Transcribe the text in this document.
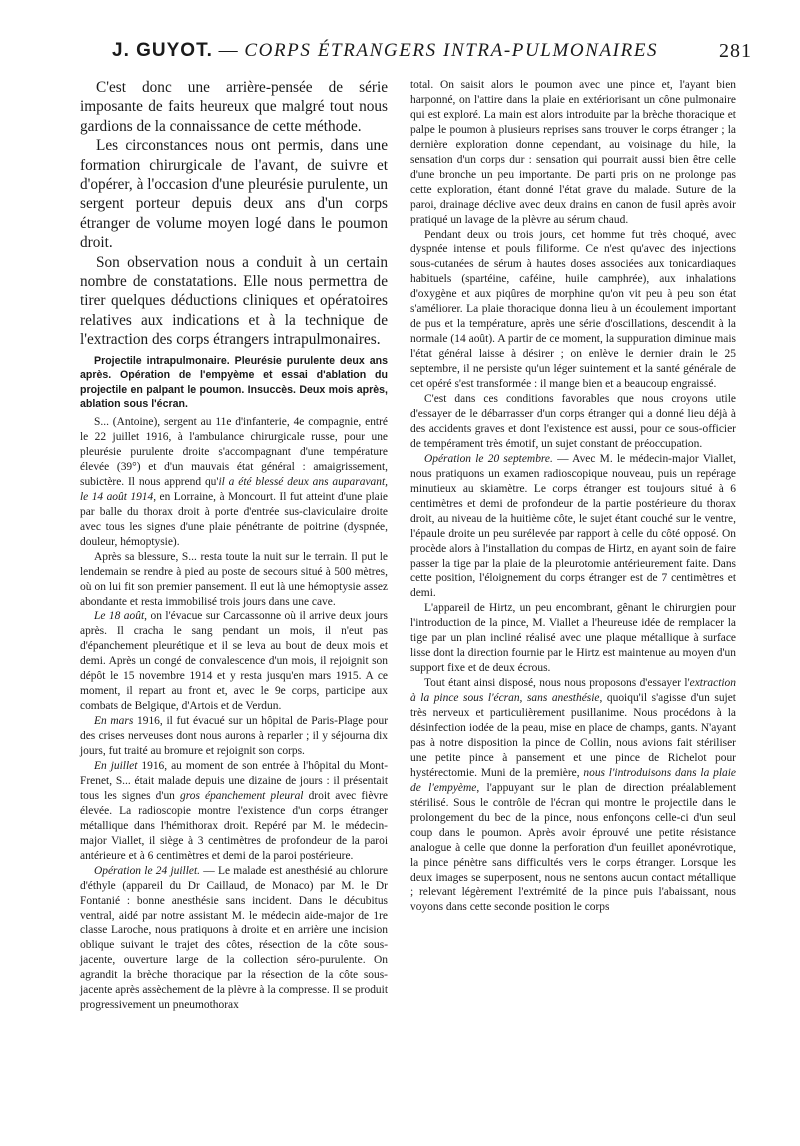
J. GUYOT. — CORPS ÉTRANGERS INTRA-PULMONAIRES	281

C'est donc une arrière-pensée de série imposante de faits heureux que malgré tout nous gardions de la connaissance de cette méthode.

Les circonstances nous ont permis, dans une formation chirurgicale de l'avant, de suivre et d'opérer, à l'occasion d'une pleurésie purulente, un sergent porteur depuis deux ans d'un corps étranger de volume moyen logé dans le poumon droit.

Son observation nous a conduit à un certain nombre de constatations. Elle nous permettra de tirer quelques déductions cliniques et opératoires relatives aux indications et à la technique de l'extraction des corps étrangers intrapulmonaires.

Projectile intrapulmonaire. Pleurésie purulente deux ans après. Opération de l'empyème et essai d'ablation du projectile en palpant le poumon. Insuccès. Deux mois après, ablation sous l'écran.

S... (Antoine), sergent au 11e d'infanterie, 4e compagnie, entré le 22 juillet 1916, à l'ambulance chirurgicale russe, pour une pleurésie purulente droite s'accompagnant d'une température élevée (39°) et d'un mauvais état général : amaigrissement, subictère. Il nous apprend qu'il a été blessé deux ans auparavant, le 14 août 1914, en Lorraine, à Moncourt. Il fut atteint d'une plaie par balle du thorax droit à porte d'entrée sus-claviculaire droite avec tous les signes d'une plaie pénétrante de poitrine (dyspnée, douleur, hémoptysie).

Après sa blessure, S... resta toute la nuit sur le terrain. Il put le lendemain se rendre à pied au poste de secours situé à 500 mètres, où on lui fit son premier pansement. Il eut là une hémoptysie assez abondante et resta immobilisé trois jours dans une cave.

Le 18 août, on l'évacue sur Carcassonne où il arrive deux jours après. Il cracha le sang pendant un mois, il n'eut pas d'épanchement pleurétique et il se leva au bout de deux mois et demi. Après un congé de convalescence d'un mois, il rejoignit son dépôt le 15 novembre 1914 et y resta jusqu'en mars 1915. A ce moment, il repart au front et, avec le 9e corps, participe aux combats de Belgique, d'Artois et de Verdun.

En mars 1916, il fut évacué sur un hôpital de Paris-Plage pour des crises nerveuses dont nous aurons à reparler ; il y séjourna dix jours, fut traité au bromure et rejoignit son corps.

En juillet 1916, au moment de son entrée à l'hôpital du Mont-Frenet, S... était malade depuis une dizaine de jours : il présentait tous les signes d'un gros épanchement pleural droit avec fièvre élevée. La radioscopie montre l'existence d'un corps étranger métallique dans l'hémithorax droit. Repéré par M. le médecin-major Viallet, il siège à 3 centimètres de profondeur de la paroi antérieure et à 6 centimètres et demi de la paroi postérieure.

Opération le 24 juillet. — Le malade est anesthésié au chlorure d'éthyle (appareil du Dr Caillaud, de Monaco) par M. le Dr Fontanié : bonne anesthésie sans incident. Dans le décubitus ventral, aidé par notre assistant M. le médecin aide-major de 1re classe Laroche, nous pratiquons à droite et en arrière une incision oblique suivant le trajet des côtes, résection de la côte sous-jacente, ouverture large de la collection séro-purulente. On agrandit la brèche thoracique par la résection de la côte sous-jacente après assèchement de la plèvre à la compresse. Il se produit progressivement un pneumothorax

total. On saisit alors le poumon avec une pince et, l'ayant bien harponné, on l'attire dans la plaie en extériorisant un cône pulmonaire qui est exploré. La main est alors introduite par la brèche thoracique et palpe le poumon à plusieurs reprises sans trouver le corps étranger ; la dernière exploration donne cependant, au voisinage du hile, la sensation d'un corps dur : sensation qui pourrait aussi bien être celle d'une bronche un peu importante. De parti pris on ne prolonge pas cette exploration, étant donné l'état grave du malade. Suture de la paroi, drainage déclive avec deux drains en canon de fusil après avoir pratiqué un lavage de la plèvre au sérum chaud.

Pendant deux ou trois jours, cet homme fut très choqué, avec dyspnée intense et pouls filiforme. Ce n'est qu'avec des injections sous-cutanées de sérum à hautes doses associées aux tonicardiaques habituels (spartéine, caféine, huile camphrée), aux inhalations d'oxygène et aux piqûres de morphine qu'on vit peu à peu son état s'améliorer. La plaie thoracique donna lieu à un écoulement important de pus et la température, après une série d'oscillations, descendit à la normale (14 août). A partir de ce moment, la suppuration diminue mais l'état général laisse à désirer ; on enlève le dernier drain le 25 septembre, il ne persiste qu'un léger suintement et la santé générale de cet opéré s'est transformée : il mange bien et a beaucoup engraissé.

C'est dans ces conditions favorables que nous croyons utile d'essayer de le débarrasser d'un corps étranger qui a donné lieu déjà à des accidents graves et dont l'existence est aussi, pour ce sous-officier de tempérament très émotif, un sujet constant de préoccupation.

Opération le 20 septembre. — Avec M. le médecin-major Viallet, nous pratiquons un examen radioscopique nouveau, puis un repérage minutieux au skiamètre. Le corps étranger est toujours situé à 6 centimètres et demi de profondeur de la partie postérieure du thorax droit, au niveau de la huitième côte, le sujet étant couché sur le ventre, l'épaule droite un peu surélevée par rapport à celle du côté opposé. On procède alors à l'installation du compas de Hirtz, en ayant soin de faire passer la tige par la plaie de la pleurotomie antérieurement faite. Dans cette position, l'éloignement du corps étranger est de 7 centimètres et demi.

L'appareil de Hirtz, un peu encombrant, gênant le chirurgien pour l'introduction de la pince, M. Viallet a l'heureuse idée de remplacer la tige par un plan incliné réalisé avec une plaque métallique à surface lisse dont la direction fournie par le Hirtz est maintenue au moyen d'un support fixe et de deux écrous.

Tout étant ainsi disposé, nous nous proposons d'essayer l'extraction à la pince sous l'écran, sans anesthésie, quoiqu'il s'agisse d'un sujet très nerveux et particulièrement pusillanime. Nous procédons à la désinfection iodée de la peau, mise en place de champs, gants. N'ayant pas à notre disposition la pince de Collin, nous avions fait stériliser une petite pince à pansement et une pince de Richelot pour hystérectomie. Muni de la première, nous l'introduisons dans la plaie de l'empyème, l'appuyant sur le plan de direction préalablement stérilisé. Sous le contrôle de l'écran qui montre le projectile dans le prolongement du bec de la pince, nous enfonçons celle-ci d'un seul coup dans le poumon. Après avoir éprouvé une petite résistance analogue à celle que donne la perforation d'un feuillet aponévrotique, la pince pénètre sans difficultés vers le corps étranger. Lorsque les deux images se superposent, nous ne sentons aucun contact métallique ; relevant légèrement l'extrémité de la pince puis l'abaissant, nous voyons dans cette seconde position le corps
